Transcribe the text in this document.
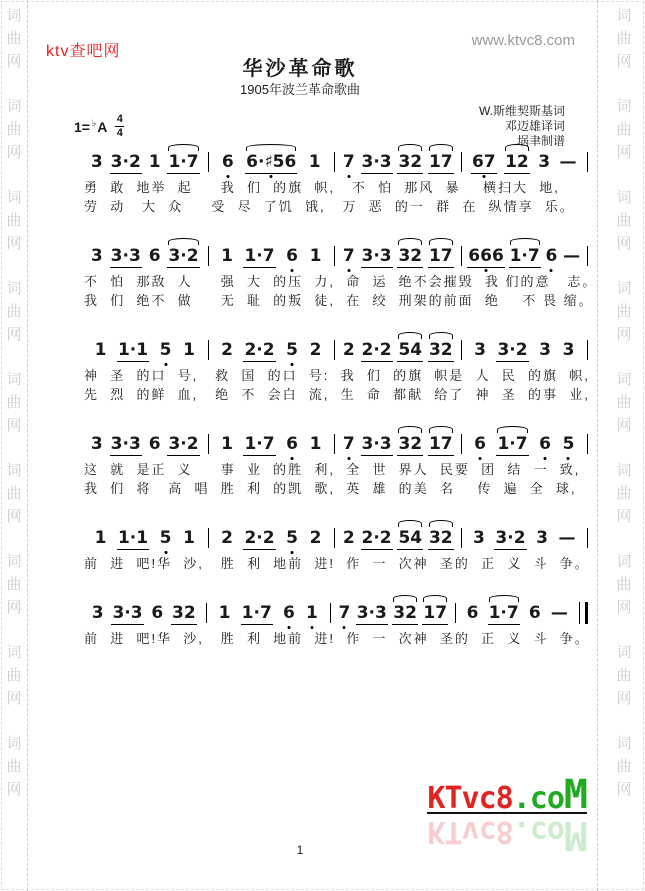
词
曲
网
词
曲
网
词
曲
网
词
曲
网
词
曲
网
词
曲
网
词
曲
网
词
曲
网
词
曲
网
词
曲
网
词
曲
网
词
曲
网
词
曲
网
词
曲
网
词
曲
网
词
曲
网
词
曲
网
词
曲
网
ktv查吧网
www.ktvc8.com
华沙革命歌
1905年波兰革命歌曲
W.斯维契斯基词
邓迈雄译词
埚聿制谱
1=♭ A 4
4
3 3·2 1 1·7 6 6·♯56 1 7 3·3 32 17 67 12 3 —
勇  敢  地举  起     我  们  的旗  帜,   不  怕  那风  暴    横扫大  地,
劳  动   大  众     受  尽  了饥  饿,   万  恶  的一  群  在  纵情享  乐。
3 3·3 6 3·2 1 1·7 6 1 7 3·3 32 17 666 1·7 6 —
不  怕  那敌  人     强  大  的压  力,  命  运  绝不会摧毁  我 们的意   志。
我  们  绝不  做     无  耻  的叛  徒,  在  绞  刑架的前面  绝    不 畏 缩。
1 1·1 5 1 2 2·2 5 2 2 2·2 54 32 3 3·2 3 3
神  圣  的口  号,   救  国  的口  号:  我  们  的旗  帜是  人  民  的旗  帜,
先  烈  的鲜  血,   绝  不  会白  流,  生  命  都献  给了  神  圣  的事  业,
3 3·3 6 3·2 1 1·7 6 1 7 3·3 32 17 6 1·7 6 5
这  就  是正  义     事  业  的胜  利,  全  世  界人  民要  团  结  一  致,
我  们  将   高  唱  胜  利  的凯  歌,  英  雄  的美  名    传  遍  全  球,
1 1·1 5 1 2 2·2 5 2 2 2·2 54 32 3 3·2 3 —
前  进  吧!华  沙,   胜  利  地前  进!  作  一  次神  圣的  正  义  斗  争。
3 3·3 6 32 1 1·7 6 1 7 3·3 32 17 6 1·7 6 —
前  进  吧!华  沙,   胜  利  地前  进!  作  一  次神  圣的  正  义  斗  争。
KTvc8.coM
KTvc8.coM
1
